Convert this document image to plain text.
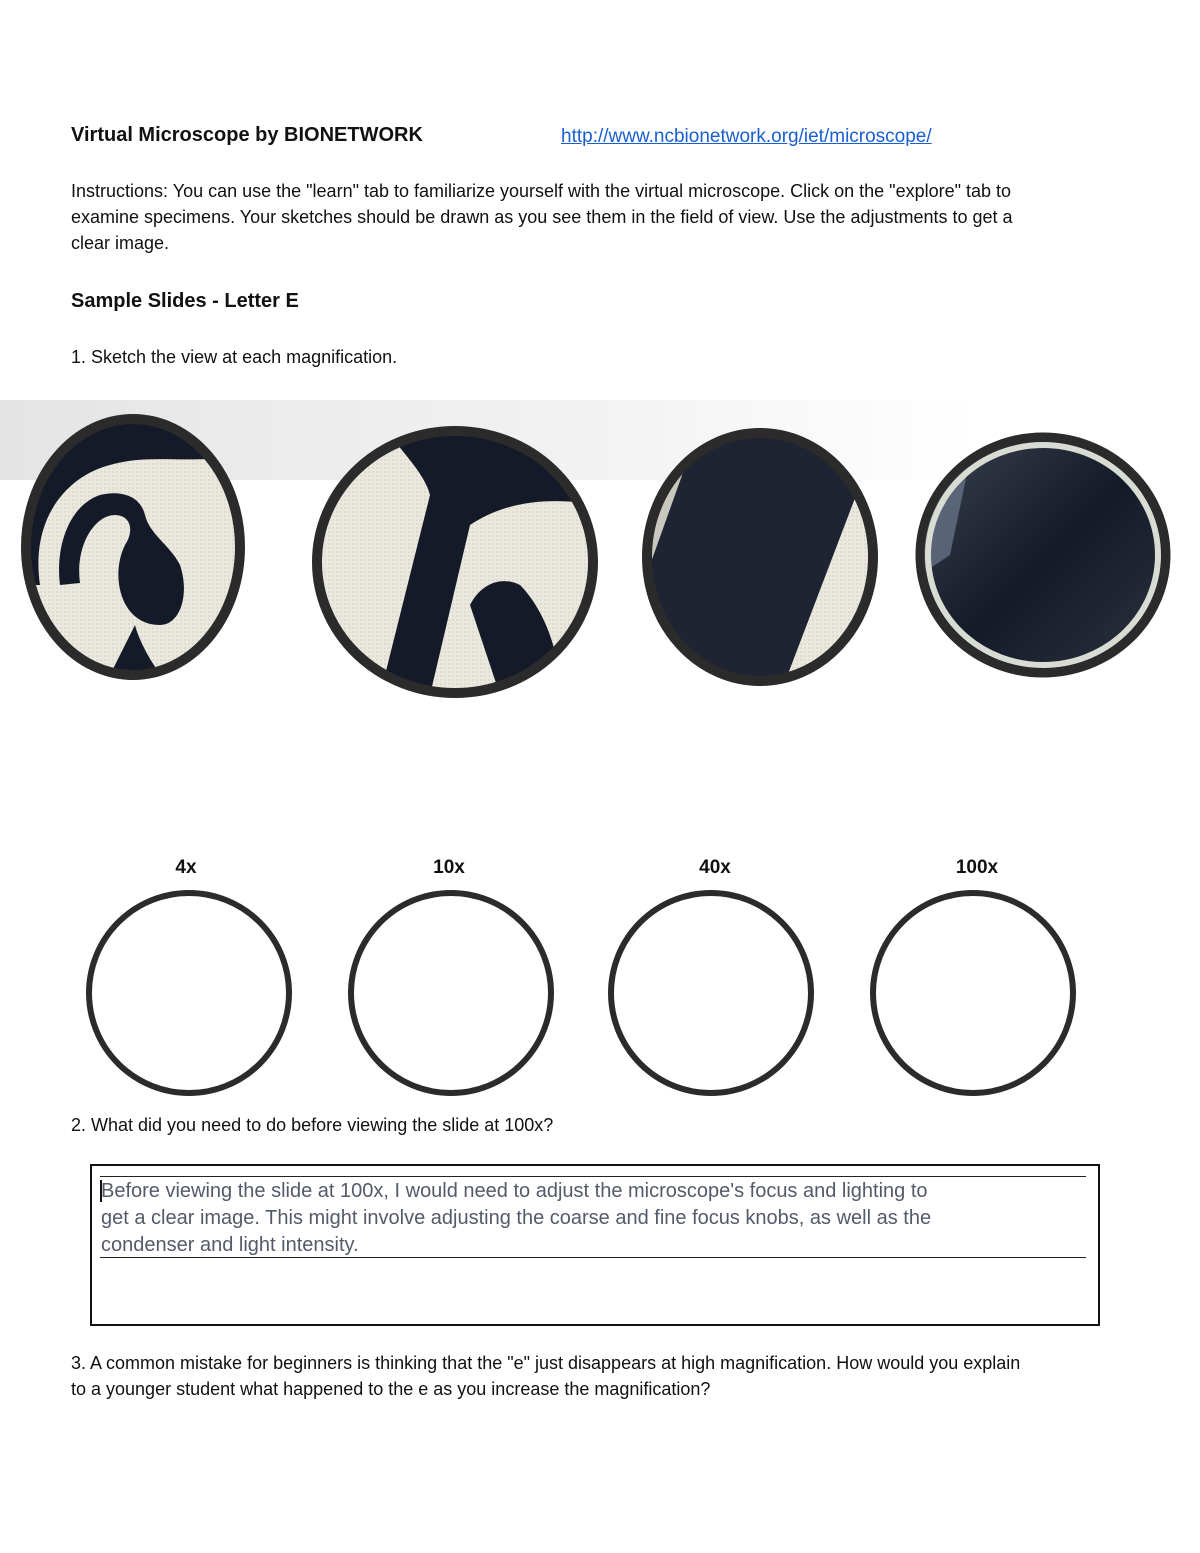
Virtual Microscope by BIONETWORK	http://www.ncbionetwork.org/iet/microscope/
Instructions: You can use the "learn" tab to familiarize yourself with the virtual microscope. Click on the "explore" tab to
examine specimens. Your sketches should be drawn as you see them in the field of view. Use the adjustments to get a
clear image.
Sample Slides - Letter E
1. Sketch the view at each magnification.
4x	10x	40x	100x
2. What did you need to do before viewing the slide at 100x?
Before viewing the slide at 100x, I would need to adjust the microscope's focus and lighting to
get a clear image. This might involve adjusting the coarse and fine focus knobs, as well as the
condenser and light intensity.
3. A common mistake for beginners is thinking that the "e" just disappears at high magnification. How would you explain
to a younger student what happened to the e as you increase the magnification?
